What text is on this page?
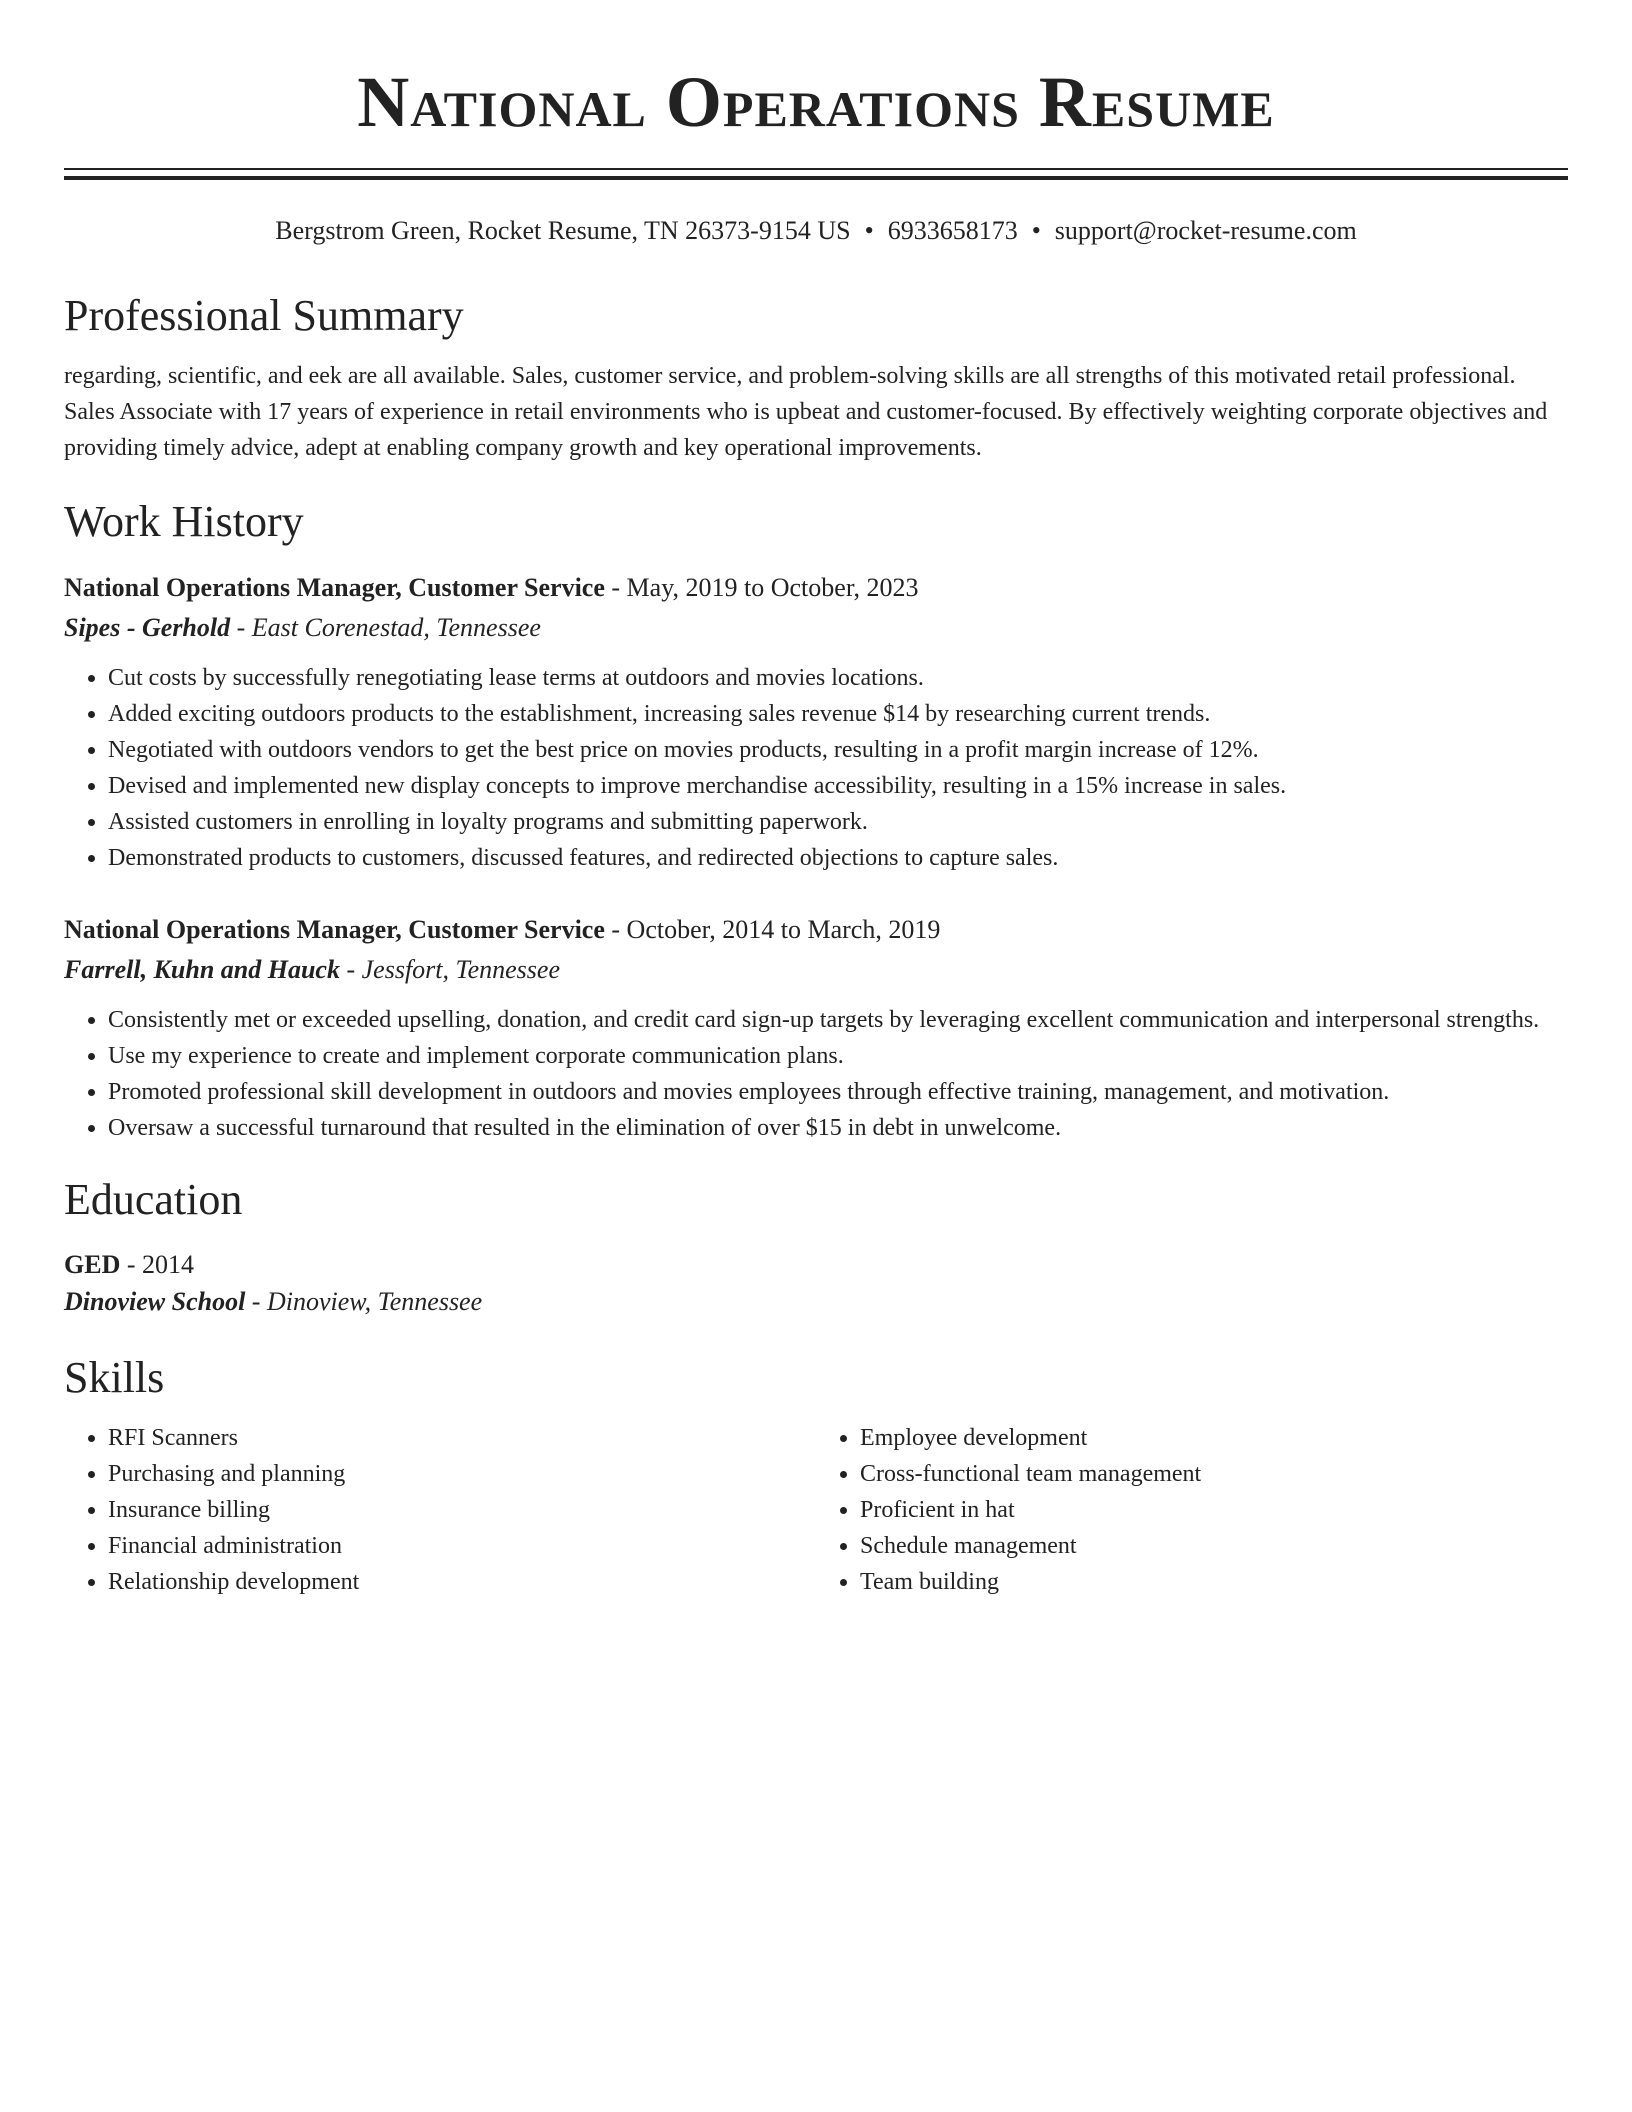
National Operations Resume
Bergstrom Green, Rocket Resume, TN 26373-9154 US • 6933658173 • support@rocket-resume.com
Professional Summary

regarding, scientific, and eek are all available. Sales, customer service, and problem-solving skills are all strengths of this motivated retail professional. Sales Associate with 17 years of experience in retail environments who is upbeat and customer-focused. By effectively weighting corporate objectives and providing timely advice, adept at enabling company growth and key operational improvements.

Work History
National Operations Manager, Customer Service - May, 2019 to October, 2023
Sipes - Gerhold - East Corenestad, Tennessee
• Cut costs by successfully renegotiating lease terms at outdoors and movies locations.
• Added exciting outdoors products to the establishment, increasing sales revenue $14 by researching current trends.
• Negotiated with outdoors vendors to get the best price on movies products, resulting in a profit margin increase of 12%.
• Devised and implemented new display concepts to improve merchandise accessibility, resulting in a 15% increase in sales.
• Assisted customers in enrolling in loyalty programs and submitting paperwork.
• Demonstrated products to customers, discussed features, and redirected objections to capture sales.
National Operations Manager, Customer Service - October, 2014 to March, 2019
Farrell, Kuhn and Hauck - Jessfort, Tennessee
• Consistently met or exceeded upselling, donation, and credit card sign-up targets by leveraging excellent communication and interpersonal strengths.
• Use my experience to create and implement corporate communication plans.
• Promoted professional skill development in outdoors and movies employees through effective training, management, and motivation.
• Oversaw a successful turnaround that resulted in the elimination of over $15 in debt in unwelcome.
Education
GED - 2014
Dinoview School - Dinoview, Tennessee
Skills
• RFI Scanners
• Purchasing and planning
• Insurance billing
• Financial administration
• Relationship development
• Employee development
• Cross-functional team management
• Proficient in hat
• Schedule management
• Team building
